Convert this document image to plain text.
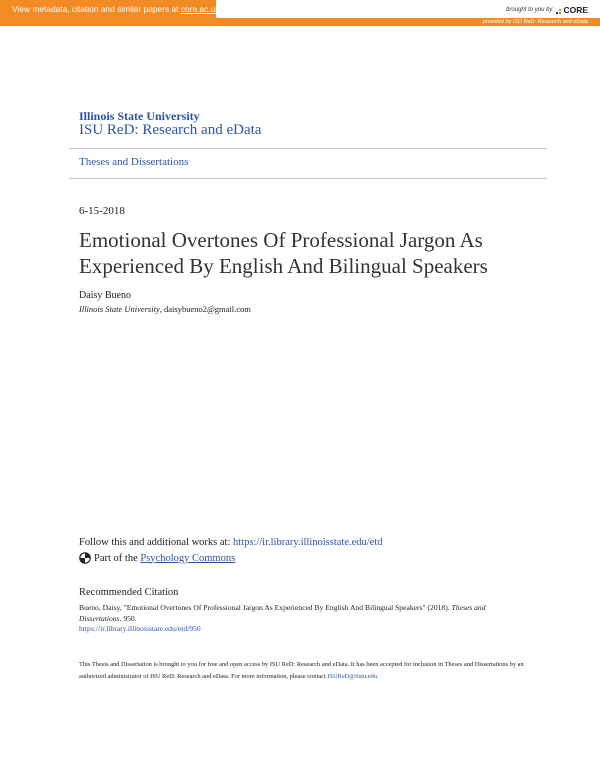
View metadata, citation and similar papers at core.ac.uk	brought to you by CORE
provided by ISU ReD: Research and eData
Illinois State University
ISU ReD: Research and eData
Theses and Dissertations
6-15-2018
Emotional Overtones Of Professional Jargon As Experienced By English And Bilingual Speakers
Daisy Bueno
Illinois State University, daisybueno2@gmail.com
Follow this and additional works at: https://ir.library.illinoisstate.edu/etd
Part of the Psychology Commons
Recommended Citation
Bueno, Daisy, "Emotional Overtones Of Professional Jargon As Experienced By English And Bilingual Speakers" (2018). Theses and Dissertations. 950.
https://ir.library.illinoisstate.edu/etd/950
This Thesis and Dissertation is brought to you for free and open access by ISU ReD: Research and eData. It has been accepted for inclusion in Theses and Dissertations by an authorized administrator of ISU ReD: Research and eData. For more information, please contact ISUReD@ilstu.edu.
